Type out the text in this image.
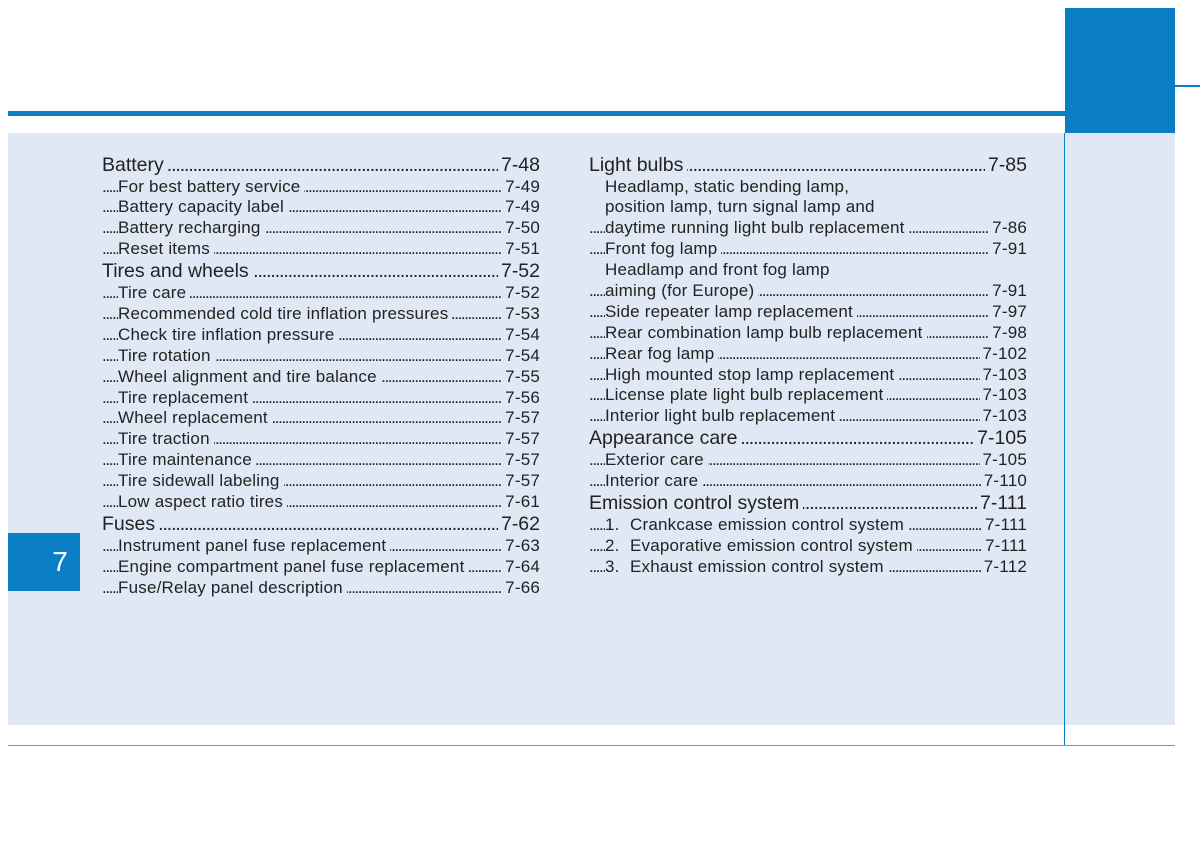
.....
Battery	7-48
.....
For best battery service	7-49
.....
Battery capacity label	7-49
.....
Battery recharging	7-50
.....
Reset items	7-51
.....
Tires and wheels	7-52
.....
Tire care	7-52
.....
Recommended cold tire inflation pressures	7-53
.....
Check tire inflation pressure	7-54
.....
Tire rotation	7-54
.....
Wheel alignment and tire balance	7-55
.....
Tire replacement	7-56
.....
Wheel replacement	7-57
.....
Tire traction	7-57
.....
Tire maintenance	7-57
.....
Tire sidewall labeling	7-57
.....
Low aspect ratio tires	7-61
.....
Fuses	7-62
.....
Instrument panel fuse replacement	7-63
.....
Engine compartment panel fuse replacement 7-64
.....
Fuse/Relay panel description	7-66
.....
Light bulbs	7-85
Headlamp, static bending lamp,
position lamp, turn signal lamp and
.....
daytime running light bulb replacement	7-86
.....
Front fog lamp	7-91
Headlamp and front fog lamp
.....
aiming (for Europe)	7-91
.....
Side repeater lamp replacement	7-97
.....
Rear combination lamp bulb replacement	7-98
.....
Rear fog lamp	7-102
.....
High mounted stop lamp replacement	7-103
.....
License plate light bulb replacement	7-103
.....
Interior light bulb replacement	7-103
.....
Appearance care	7-105
.....
Exterior care	7-105
.....
Interior care	7-110
.....
Emission control system	7-111
.....
1. Crankcase emission control system	7-111
.....
2. Evaporative emission control system	7-111
.....
3. Exhaust emission control system	7-112
7
